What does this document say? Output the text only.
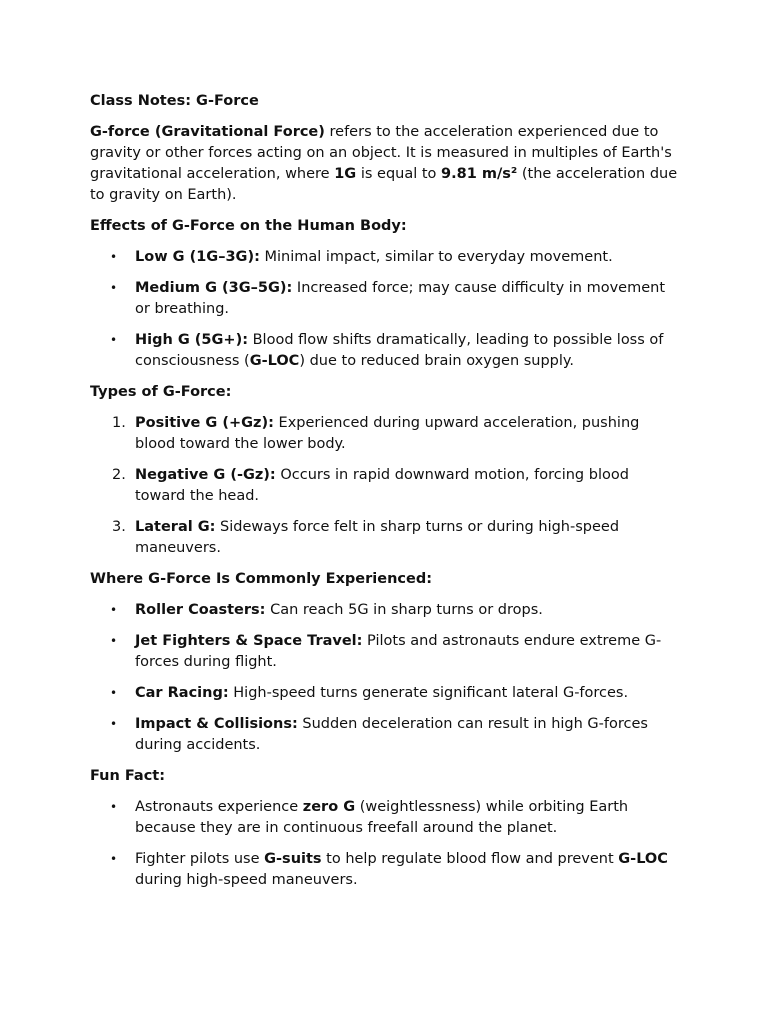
Class Notes: G-Force

G-force (Gravitational Force) refers to the acceleration experienced due to gravity or other forces acting on an object. It is measured in multiples of Earth's gravitational acceleration, where 1G is equal to 9.81 m/s² (the acceleration due to gravity on Earth).

Effects of G-Force on the Human Body:
• Low G (1G–3G): Minimal impact, similar to everyday movement.
• Medium G (3G–5G): Increased force; may cause difficulty in movement or breathing.
• High G (5G+): Blood flow shifts dramatically, leading to possible loss of consciousness (G-LOC) due to reduced brain oxygen supply.
Types of G-Force:
1. Positive G (+Gz): Experienced during upward acceleration, pushing blood toward the lower body.
2. Negative G (-Gz): Occurs in rapid downward motion, forcing blood toward the head.
3. Lateral G: Sideways force felt in sharp turns or during high-speed maneuvers.
Where G-Force Is Commonly Experienced:
• Roller Coasters: Can reach 5G in sharp turns or drops.
• Jet Fighters & Space Travel: Pilots and astronauts endure extreme G-forces during flight.
• Car Racing: High-speed turns generate significant lateral G-forces.
• Impact & Collisions: Sudden deceleration can result in high G-forces during accidents.
Fun Fact:
• Astronauts experience zero G (weightlessness) while orbiting Earth because they are in continuous freefall around the planet.
• Fighter pilots use G-suits to help regulate blood flow and prevent G-LOC during high-speed maneuvers.
